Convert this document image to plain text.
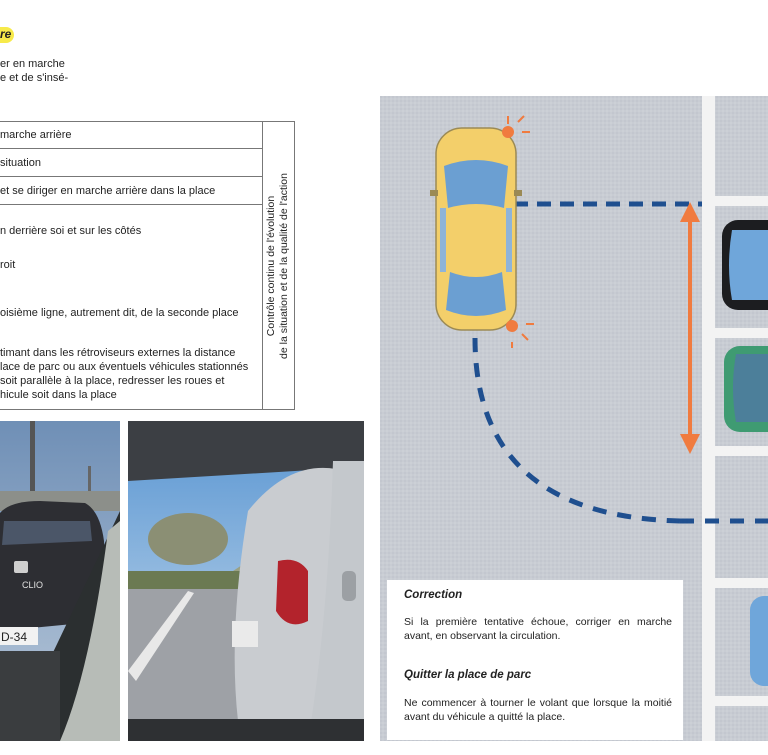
re
er en marche
e et de s'insé-
marche arrière
situation
et se diriger en marche arrière dans la place
n derrière soi et sur les côtés
roit
oisième ligne, autrement dit, de la seconde place
timant dans les rétroviseurs externes la distance
lace de parc ou aux éventuels véhicules stationnés
soit parallèle à la place, redresser les roues et
hicule soit dans la place
Contrôle continu de l'évolution de la situation et de la qualité de l'action
CLIO
D-34
Correction
Si la première tentative échoue, corriger en marche avant, en observant la circulation.
Quitter la place de parc
Ne commencer à tourner le volant que lorsque la moitié avant du véhicule a quitté la place.
